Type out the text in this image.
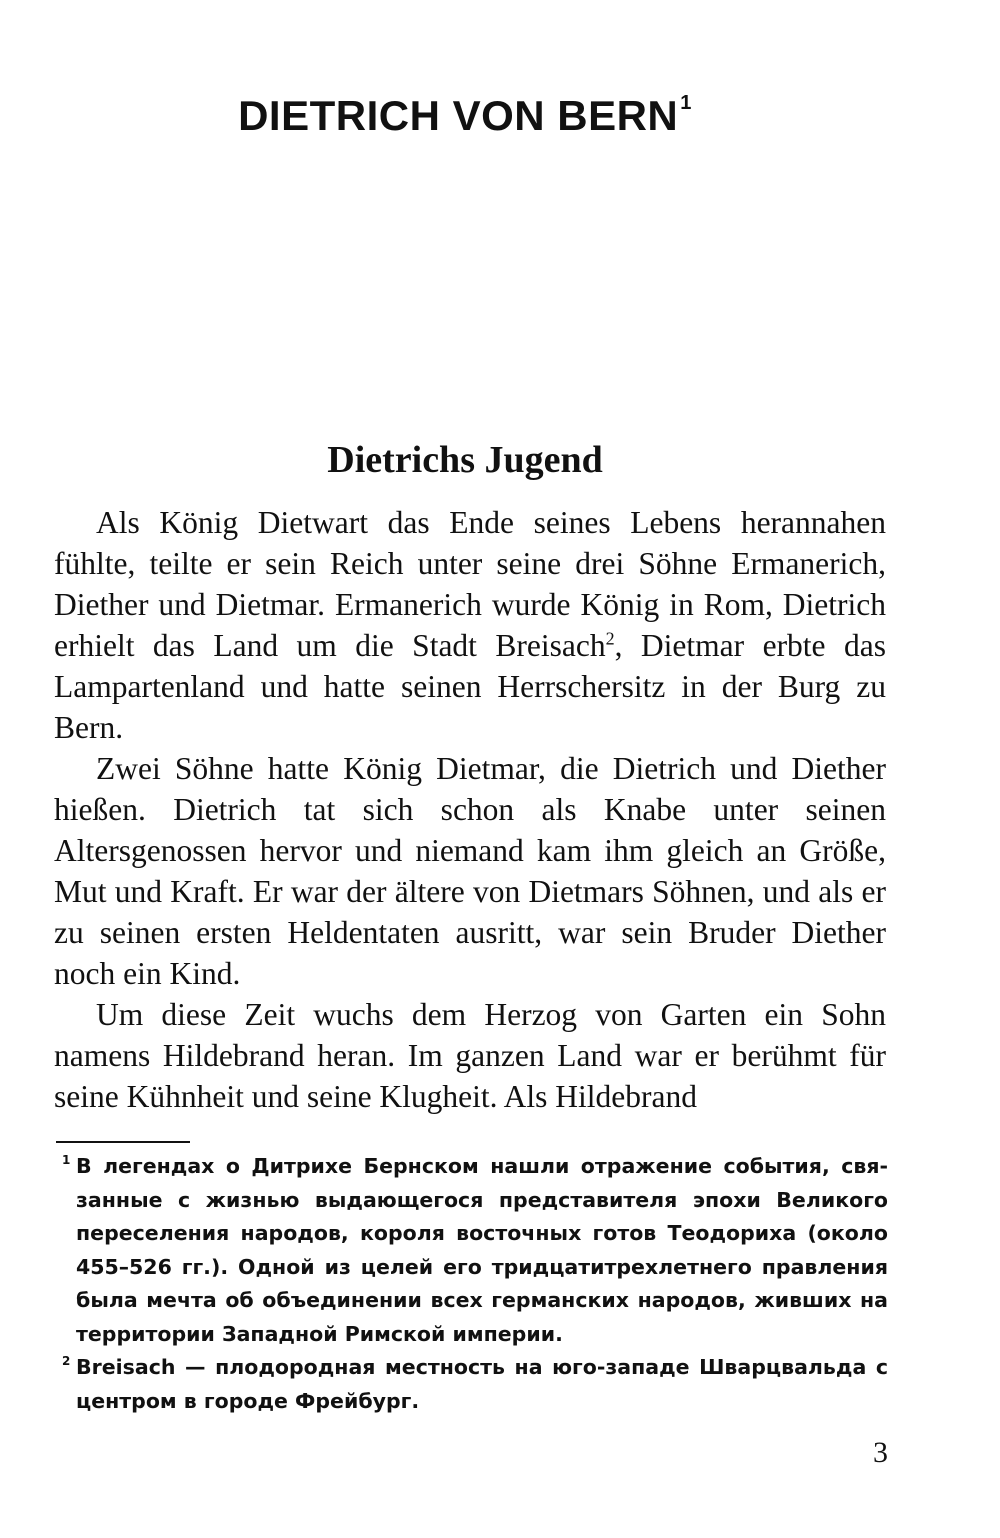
DIETRICH VON BERN $^1$
Dietrichs Jugend

Als König Dietwart das Ende seines Lebens herannahen fühlte, teilte er sein Reich unter seine drei Söhne Ermanerich, Diether und Dietmar. Ermanerich wurde König in Rom, Dietrich erhielt das Land um die Stadt Breisach$^2$, Dietmar erbte das Lampartenland und hatte seinen Herrschersitz in der Burg zu Bern.

Zwei Söhne hatte König Dietmar, die Dietrich und Diether hießen. Dietrich tat sich schon als Knabe unter seinen Altersgenossen hervor und niemand kam ihm gleich an Größe, Mut und Kraft. Er war der ältere von Dietmars Söhnen, und als er zu seinen ersten Heldentaten ausritt, war sein Bruder Diether noch ein Kind.

Um diese Zeit wuchs dem Herzog von Garten ein Sohn namens Hildebrand heran. Im ganzen Land war er berühmt für seine Kühnheit und seine Klugheit. Als Hildebrand

1 В легендах о Дитрихе Бернском нашли отражение события, связанные с жизнью выдающегося представителя эпохи Великого переселения народов, короля восточных готов Теодориха (около 455–526 гг.). Одной из целей его тридцатитрехлетнего правления была мечта об объединении всех германских народов, живших на территории Западной Римской империи.
2 Breisach — плодородная местность на юго-западе Шварцвальда с центром в городе Фрейбург.
3
